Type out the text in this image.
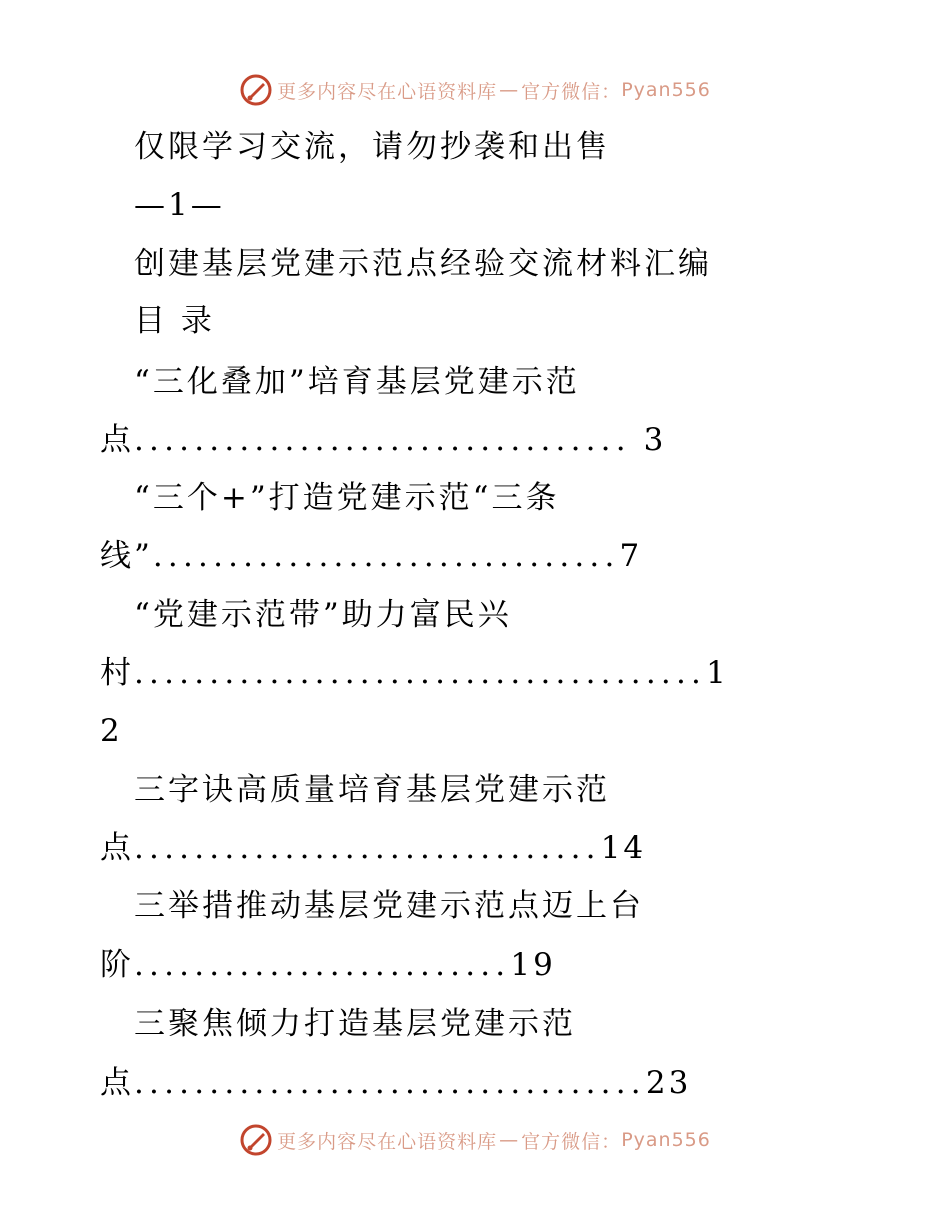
更多内容尽在心语资料库 — 官方微信： Pyan556
仅限学习交流，请勿抄袭和出售
—1—
创建基层党建示范点经验交流材料汇编
目 录
“三化叠加”培育基层党建示范
点................................. 3
“三个+”打造党建示范“三条
线”...............................7
“党建示范带”助力富民兴
村......................................1
2
三字诀高质量培育基层党建示范
点...............................14
三举措推动基层党建示范点迈上台
阶.........................19
三聚焦倾力打造基层党建示范
点..................................23
更多内容尽在心语资料库 — 官方微信： Pyan556
